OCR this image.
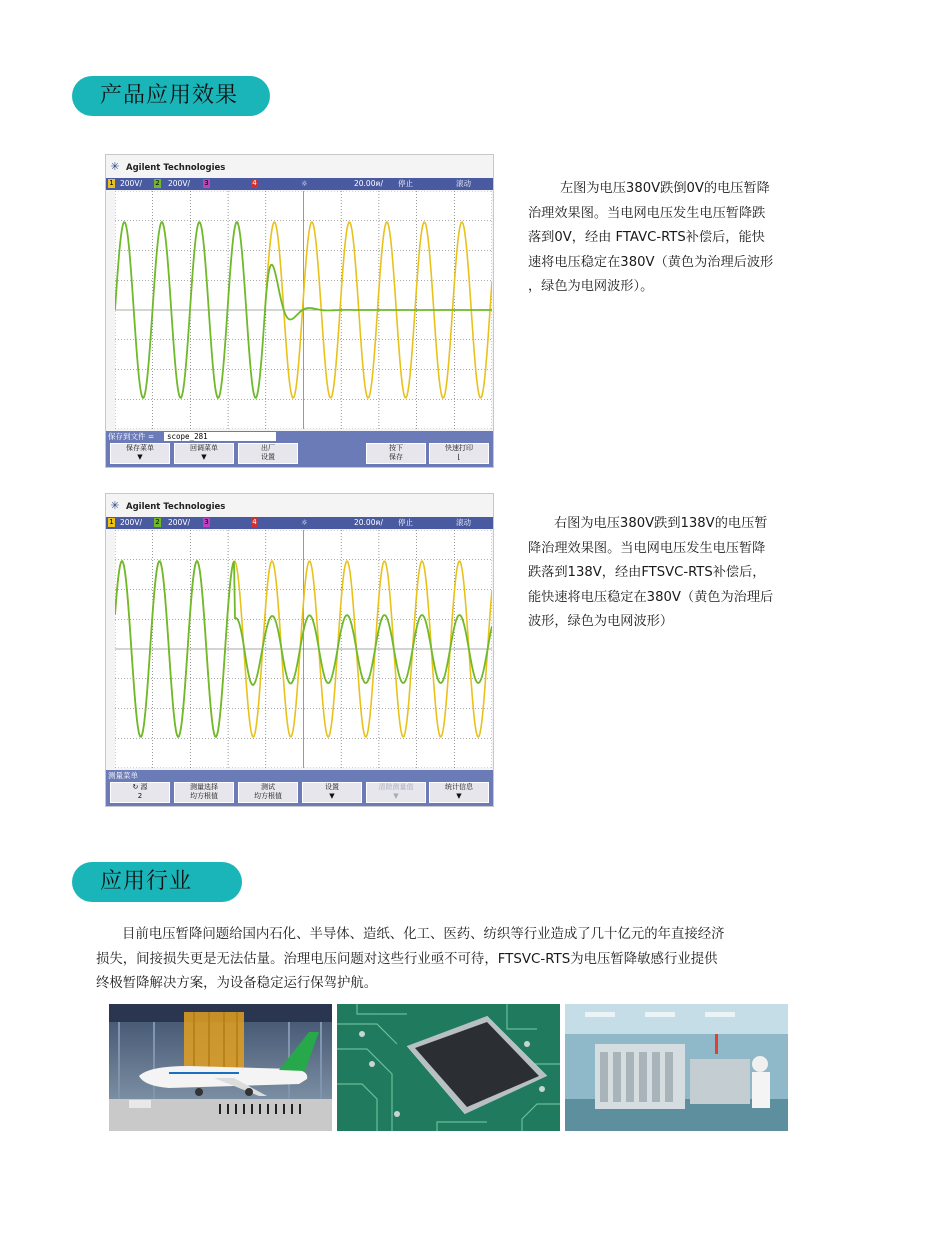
产品应用效果
✳ Agilent Technologies
1 200V/ 2 200V/ 3	4	☼	20.00ฅ/ 停止	滚动
保存到文件 =	scope_281
保存菜单
▼
回调菜单
▼
出厂
设置
按下
保存
快速打印
⌊
左图为电压380V跌倒0V的电压暂降
治理效果图。当电网电压发生电压暂降跌
落到0V，经由 FTAVC-RTS补偿后，能快
速将电压稳定在380V（黄色为治理后波形
，绿色为电网波形）。
✳ Agilent Technologies
1 200V/ 2 200V/ 3	4	☼	20.00ฅ/ 停止	滚动
测量菜单
↻ 源
2
测量选择
均方根值
测试
均方根值
设置
▼
清除测量值
▼
统计信息
▼
右图为电压380V跌到138V的电压暂
降治理效果图。当电网电压发生电压暂降
跌落到138V，经由FTSVC-RTS补偿后，
能快速将电压稳定在380V（黄色为治理后
波形，绿色为电网波形）
应用行业
目前电压暂降问题给国内石化、半导体、造纸、化工、医药、纺织等行业造成了几十亿元的年直接经济
损失，间接损失更是无法估量。治理电压问题对这些行业亟不可待，FTSVC-RTS为电压暂降敏感行业提供
终极暂降解决方案，为设备稳定运行保驾护航。
